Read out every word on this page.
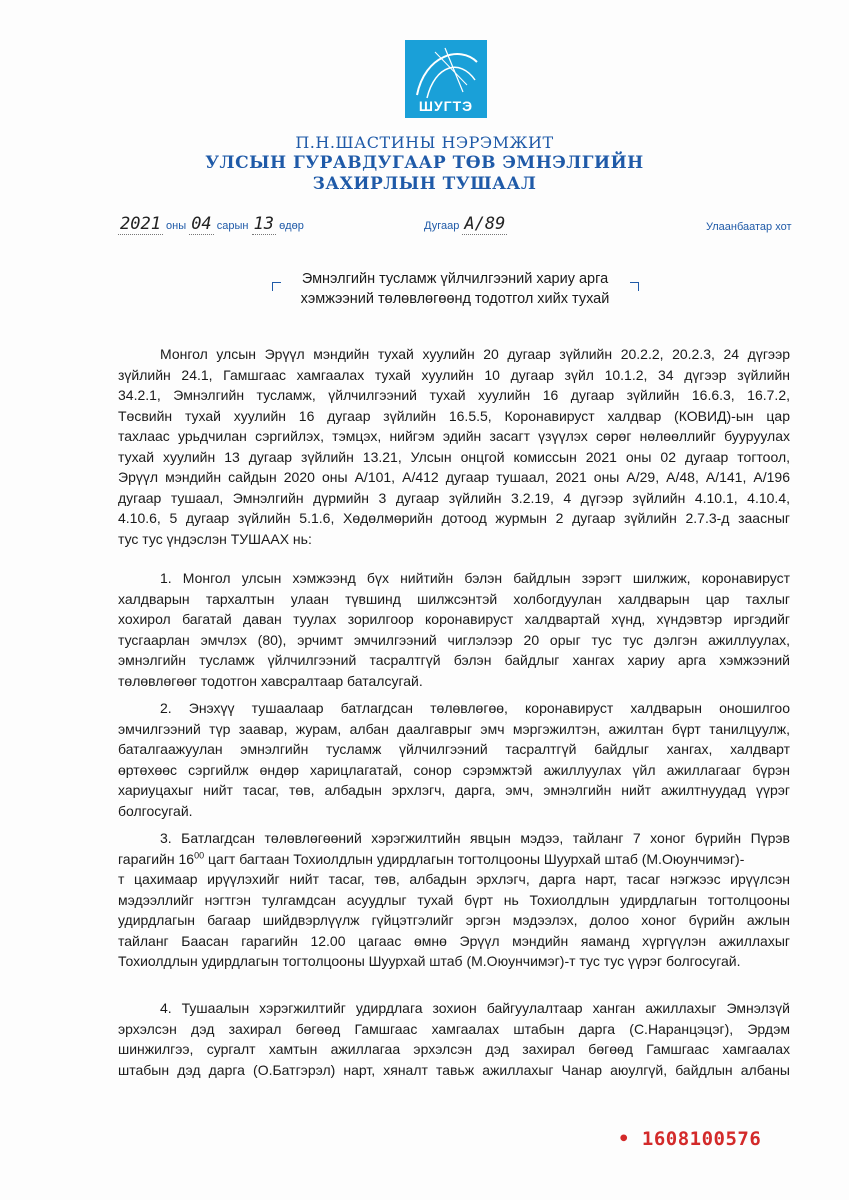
ШУГТЭ
П.Н.ШАСТИНЫ НЭРЭМЖИТ
УЛСЫН ГУРАВДУГААР ТӨВ ЭМНЭЛГИЙН
ЗАХИРЛЫН ТУШААЛ
2021 оны 04 сарын 13 өдөр	Дугаар А/89	Улаанбаатар хот
Эмнэлгийн тусламж үйлчилгээний хариу арга
хэмжээний төлөвлөгөөнд тодотгол хийх тухай
Монгол улсын Эрүүл мэндийн тухай хуулийн 20 дугаар зүйлийн 20.2.2, 20.2.3, 24 дүгээр
зүйлийн 24.1, Гамшгаас хамгаалах тухай хуулийн 10 дугаар зүйл 10.1.2, 34 дүгээр зүйлийн
34.2.1, Эмнэлгийн тусламж, үйлчилгээний тухай хуулийн 16 дугаар зүйлийн 16.6.3, 16.7.2,
Төсвийн тухай хуулийн 16 дугаар зүйлийн 16.5.5, Коронавируст халдвар (КОВИД)-ын цар
тахлаас урьдчилан сэргийлэх, тэмцэх, нийгэм эдийн засагт үзүүлэх сөрөг нөлөөллийг бууруулах
тухай хуулийн 13 дугаар зүйлийн 13.21, Улсын онцгой комиссын 2021 оны 02 дугаар тогтоол,
Эрүүл мэндийн сайдын 2020 оны А/101, А/412 дугаар тушаал, 2021 оны А/29, А/48, А/141, А/196
дугаар тушаал, Эмнэлгийн дүрмийн 3 дугаар зүйлийн 3.2.19, 4 дүгээр зүйлийн 4.10.1, 4.10.4,
4.10.6, 5 дугаар зүйлийн 5.1.6, Хөдөлмөрийн дотоод журмын 2 дугаар зүйлийн 2.7.3-д заасныг
тус тус үндэслэн ТУШААХ нь:
1. Монгол улсын хэмжээнд бүх нийтийн бэлэн байдлын зэрэгт шилжиж, коронавируст
халдварын тархалтын улаан түвшинд шилжсэнтэй холбогдуулан халдварын цар тахлыг
хохирол багатай даван туулах зорилгоор коронавируст халдвартай хүнд, хүндэвтэр иргэдийг
тусгаарлан эмчлэх (80), эрчимт эмчилгээний чиглэлээр 20 орыг тус тус дэлгэн ажиллуулах,
эмнэлгийн тусламж үйлчилгээний тасралтгүй бэлэн байдлыг хангах хариу арга хэмжээний
төлөвлөгөөг тодотгон хавсралтаар баталсугай.
2. Энэхүү тушаалаар батлагдсан төлөвлөгөө, коронавируст халдварын оношилгоо
эмчилгээний түр заавар, журам, албан даалгаврыг эмч мэргэжилтэн, ажилтан бүрт танилцуулж,
баталгаажуулан эмнэлгийн тусламж үйлчилгээний тасралтгүй байдлыг хангах, халдварт
өртөхөөс сэргийлж өндөр харицлагатай, сонор сэрэмжтэй ажиллуулах үйл ажиллагааг бүрэн
хариуцахыг нийт тасаг, төв, албадын эрхлэгч, дарга, эмч, эмнэлгийн нийт ажилтнуудад үүрэг
болгосугай.
3. Батлагдсан төлөвлөгөөний хэрэгжилтийн явцын мэдээ, тайланг 7 хоног бүрийн Пүрэв
гарагийн $16^{00}$ цагт багтаан Тохиолдлын удирдлагын тогтолцооны Шуурхай штаб (М.Оюунчимэг)-
т цахимаар ирүүлэхийг нийт тасаг, төв, албадын эрхлэгч, дарга нарт, тасаг нэгжээс ирүүлсэн
мэдээллийг нэгтгэн тулгамдсан асуудлыг тухай бүрт нь Тохиолдлын удирдлагын тогтолцооны
удирдлагын багаар шийдвэрлүүлж гүйцэтгэлийг эргэн мэдээлэх, долоо хоног бүрийн ажлын
тайланг Баасан гарагийн 12.00 цагаас өмнө Эрүүл мэндийн яаманд хүргүүлэн ажиллахыг
Тохиолдлын удирдлагын тогтолцооны Шуурхай штаб (М.Оюунчимэг)-т тус тус үүрэг болгосугай.
4. Тушаалын хэрэгжилтийг удирдлага зохион байгуулалтаар ханган ажиллахыг Эмнэлзүй
эрхэлсэн дэд захирал бөгөөд Гамшгаас хамгаалах штабын дарга (С.Наранцэцэг), Эрдэм
шинжилгээ, сургалт хамтын ажиллагаа эрхэлсэн дэд захирал бөгөөд Гамшгаас хамгаалах
штабын дэд дарга (О.Батгэрэл) нарт, хяналт тавьж ажиллахыг Чанар аюулгүй, байдлын албаны
• 1608100576
